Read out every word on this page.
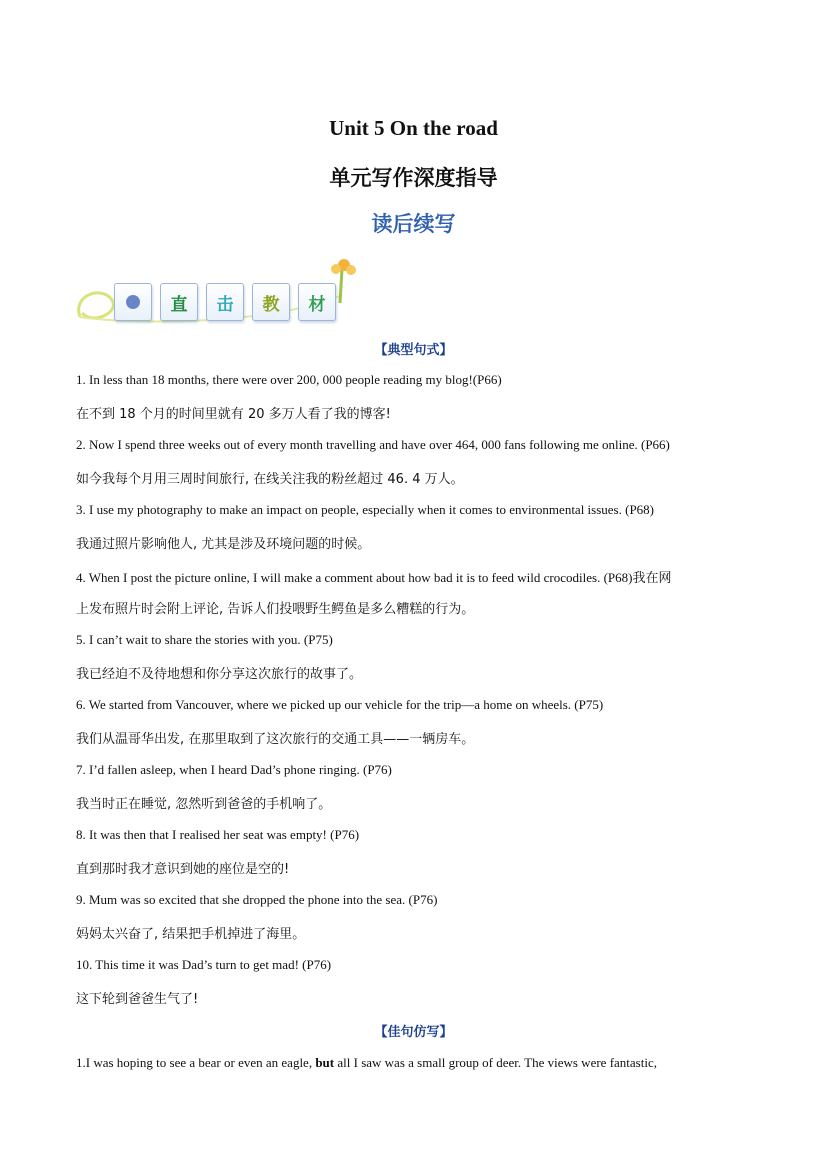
Unit 5 On the road
单元写作深度指导
读后续写
直 击 教 材
【典型句式】
1. In less than 18 months, there were over 200, 000 people reading my blog!(P66)
在不到 18 个月的时间里就有 20 多万人看了我的博客!
2. Now I spend three weeks out of every month travelling and have over 464, 000 fans following me online. (P66)
如今我每个月用三周时间旅行, 在线关注我的粉丝超过 46. 4 万人。
3. I use my photography to make an impact on people, especially when it comes to environmental issues. (P68)
我通过照片影响他人, 尤其是涉及环境问题的时候。
4. When I post the picture online, I will make a comment about how bad it is to feed wild crocodiles. (P68)我在网
上发布照片时会附上评论, 告诉人们投喂野生鳄鱼是多么糟糕的行为。
5. I can’t wait to share the stories with you. (P75)
我已经迫不及待地想和你分享这次旅行的故事了。
6. We started from Vancouver, where we picked up our vehicle for the trip—a home on wheels. (P75)
我们从温哥华出发, 在那里取到了这次旅行的交通工具——一辆房车。
7. I’d fallen asleep, when I heard Dad’s phone ringing. (P76)
我当时正在睡觉, 忽然听到爸爸的手机响了。
8. It was then that I realised her seat was empty! (P76)
直到那时我才意识到她的座位是空的!
9. Mum was so excited that she dropped the phone into the sea. (P76)
妈妈太兴奋了, 结果把手机掉进了海里。
10. This time it was Dad’s turn to get mad! (P76)
这下轮到爸爸生气了!
【佳句仿写】
1.I was hoping to see a bear or even an eagle, but all I saw was a small group of deer. The views were fantastic,
